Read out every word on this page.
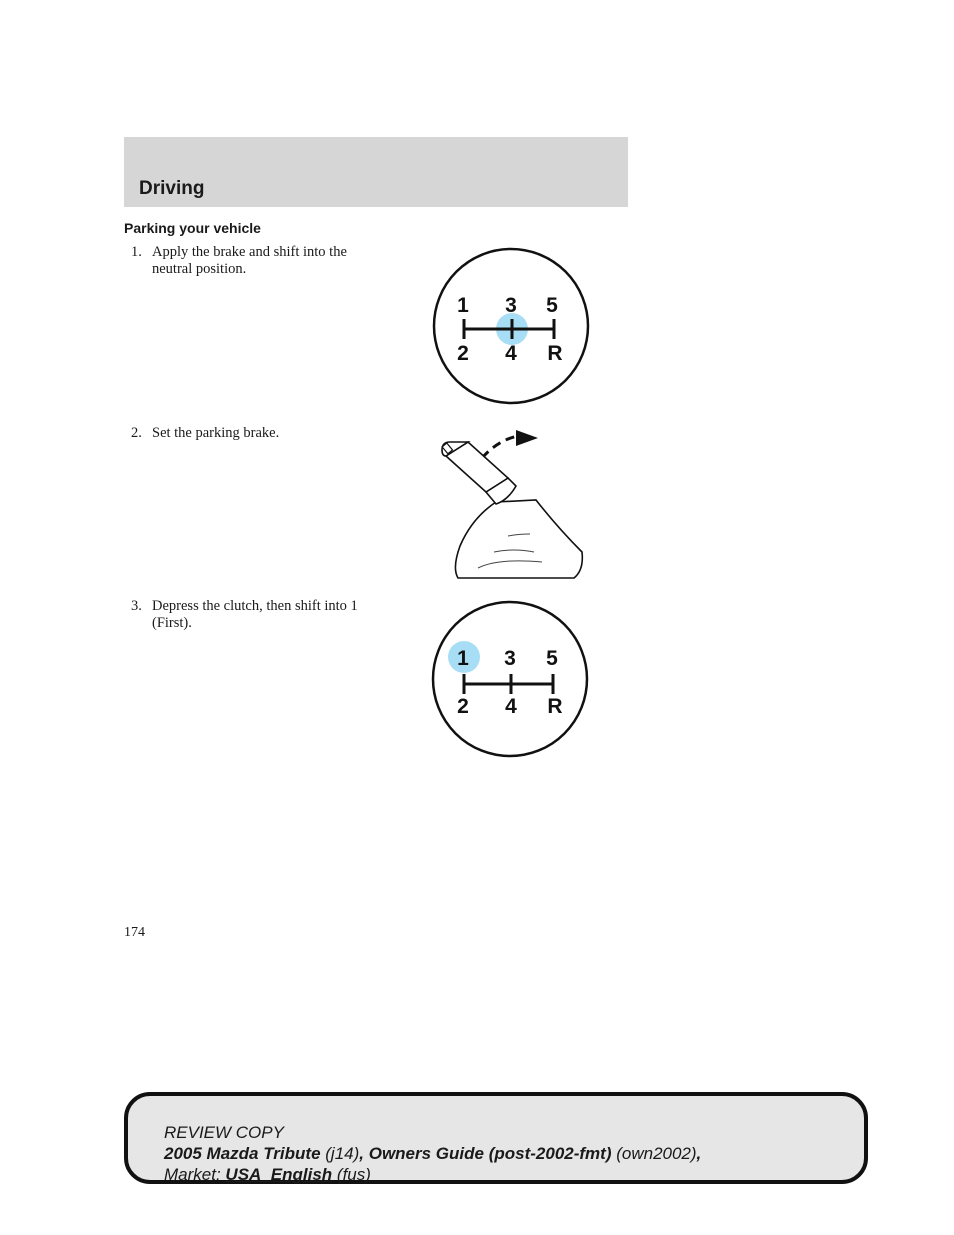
Driving
Parking your vehicle

1. Apply the brake and shift into the neutral position.

1 3 5
2 4 R

2. Set the parking brake.

3. Depress the clutch, then shift into 1 (First).

1 3 5
2 4 R
174
REVIEW COPY
2005 Mazda Tribute (j14), Owners Guide (post-2002-fmt) (own2002),
Market: USA_English (fus)
